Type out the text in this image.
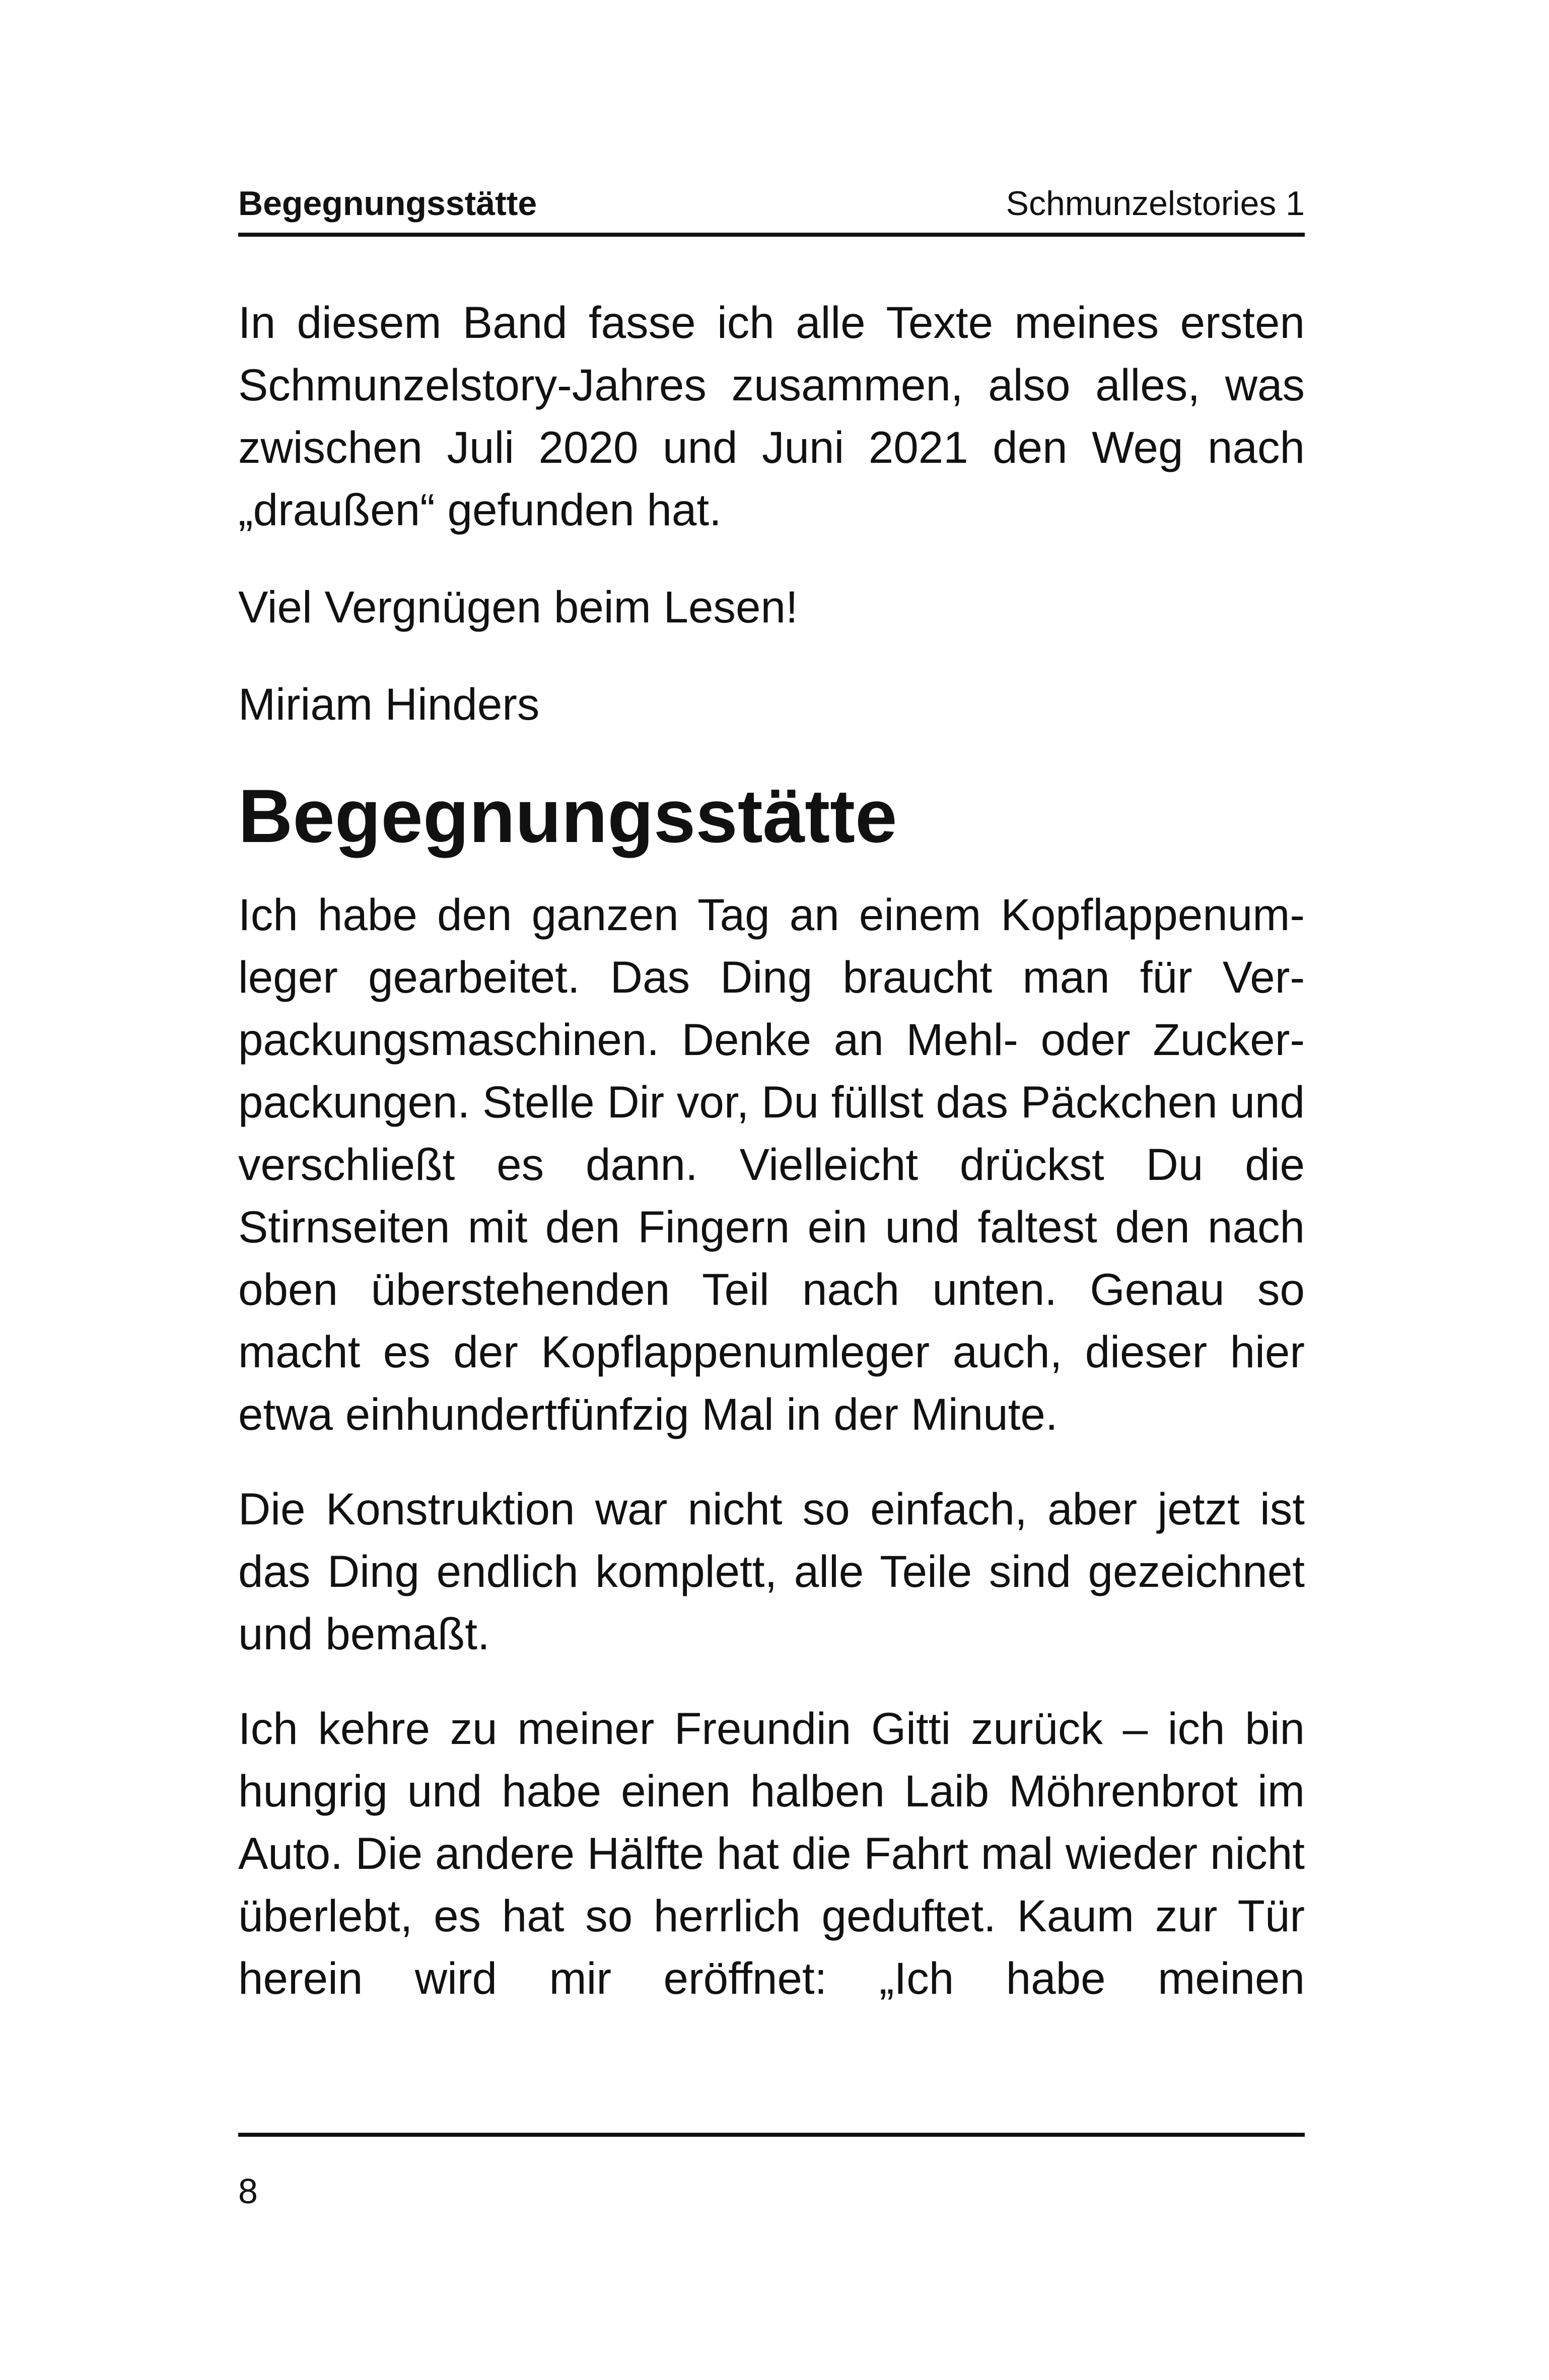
Begegnungsstätte	Schmunzelstories 1

In diesem Band fasse ich alle Texte meines ersten Schmunzelstory-Jahres zusammen, also alles, was zwischen Juli 2020 und Juni 2021 den Weg nach „draußen“ gefunden hat.

Viel Vergnügen beim Lesen!

Miriam Hinders

Begegnungsstätte

Ich habe den ganzen Tag an einem Kopflappenumleger gearbeitet. Das Ding braucht man für Verpackungsmaschinen. Denke an Mehl- oder Zuckerpackungen. Stelle Dir vor, Du füllst das Päckchen und verschließt es dann. Vielleicht drückst Du die Stirnseiten mit den Fingern ein und faltest den nach oben überstehenden Teil nach unten. Genau so macht es der Kopflappenumleger auch, dieser hier etwa einhundertfünfzig Mal in der Minute.

Die Konstruktion war nicht so einfach, aber jetzt ist das Ding endlich komplett, alle Teile sind gezeichnet und bemaßt.

Ich kehre zu meiner Freundin Gitti zurück – ich bin hungrig und habe einen halben Laib Möhrenbrot im Auto. Die andere Hälfte hat die Fahrt mal wieder nicht überlebt, es hat so herrlich geduftet. Kaum zur Tür herein wird mir eröffnet: „Ich habe meinen

8
